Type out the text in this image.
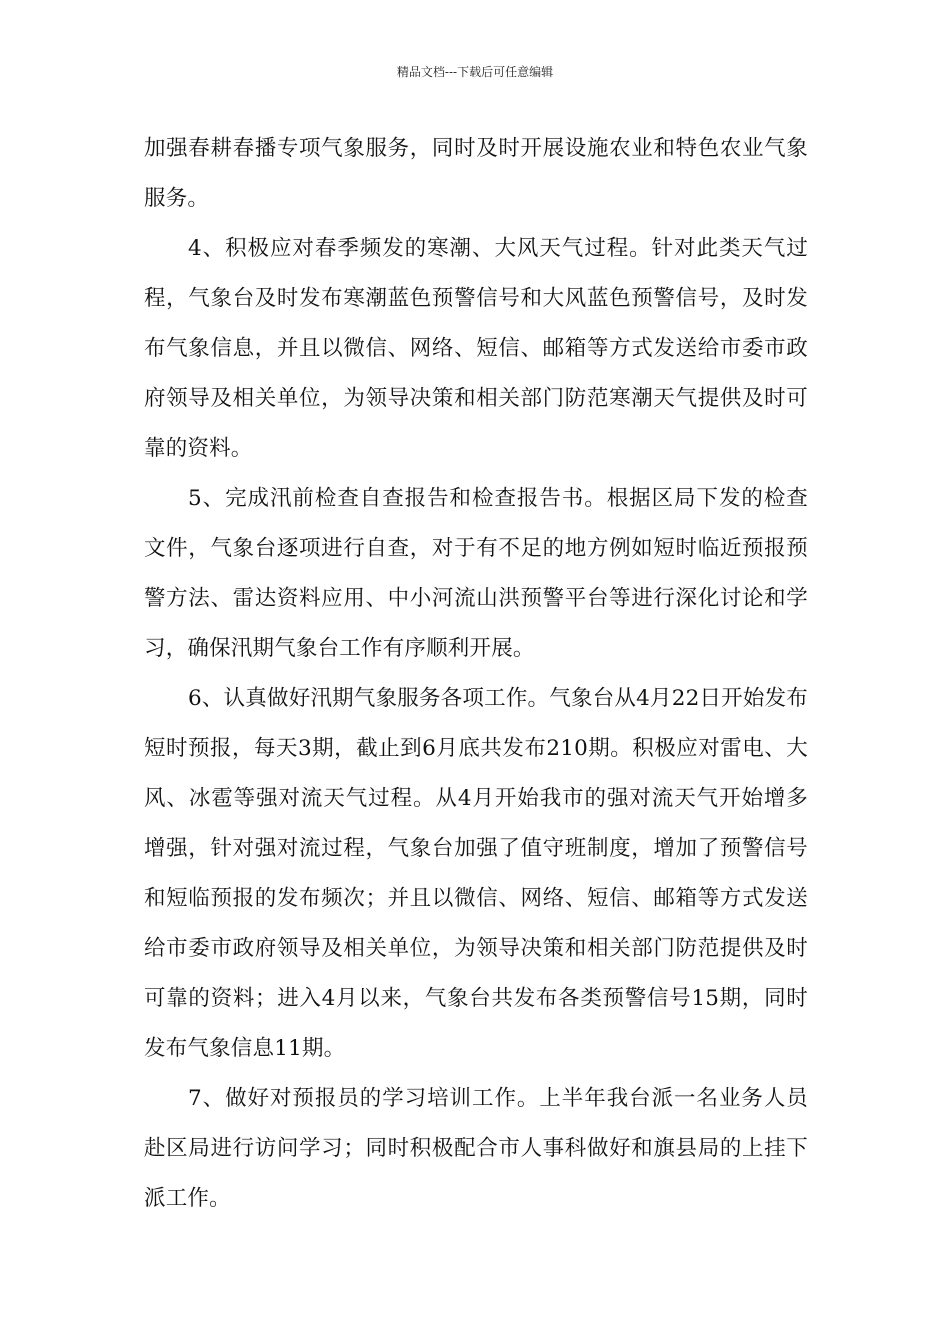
精品文档---下载后可任意编辑

加强春耕春播专项气象服务，同时及时开展设施农业和特色农业气象服务。

4、积极应对春季频发的寒潮、大风天气过程。针对此类天气过程，气象台及时发布寒潮蓝色预警信号和大风蓝色预警信号，及时发布气象信息，并且以微信、网络、短信、邮箱等方式发送给市委市政府领导及相关单位，为领导决策和相关部门防范寒潮天气提供及时可靠的资料。

5、完成汛前检查自查报告和检查报告书。根据区局下发的检查文件，气象台逐项进行自查，对于有不足的地方例如短时临近预报预警方法、雷达资料应用、中小河流山洪预警平台等进行深化讨论和学习，确保汛期气象台工作有序顺利开展。

6、认真做好汛期气象服务各项工作。气象台从4月22日开始发布短时预报，每天3期，截止到6月底共发布210期。积极应对雷电、大风、冰雹等强对流天气过程。从4月开始我市的强对流天气开始增多增强，针对强对流过程，气象台加强了值守班制度，增加了预警信号和短临预报的发布频次；并且以微信、网络、短信、邮箱等方式发送给市委市政府领导及相关单位，为领导决策和相关部门防范提供及时可靠的资料；进入4月以来，气象台共发布各类预警信号15期，同时发布气象信息11期。

7、做好对预报员的学习培训工作。上半年我台派一名业务人员赴区局进行访问学习；同时积极配合市人事科做好和旗县局的上挂下派工作。
